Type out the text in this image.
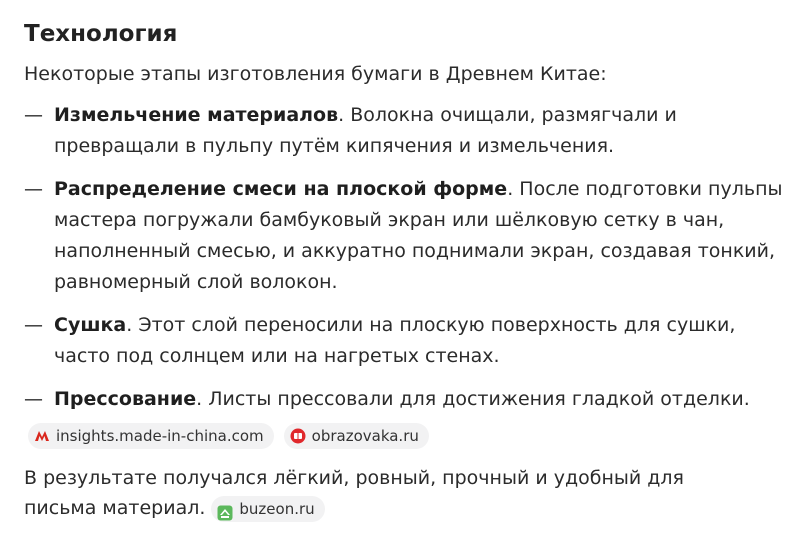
Технология

Некоторые этапы изготовления бумаги в Древнем Китае:

— Измельчение материалов. Волокна очищали, размягчали и превращали в пульпу путём кипячения и измельчения.
— Распределение смеси на плоской форме. После подготовки пульпы мастера погружали бамбуковый экран или шёлковую сетку в чан, наполненный смесью, и аккуратно поднимали экран, создавая тонкий, равномерный слой волокон.
— Сушка. Этот слой переносили на плоскую поверхность для сушки, часто под солнцем или на нагретых стенах.
— Прессование. Листы прессовали для достижения гладкой отделки.
insights.made-in-china.com	obrazovaka.ru

В результате получался лёгкий, ровный, прочный и удобный для письма материал. buzeon.ru
